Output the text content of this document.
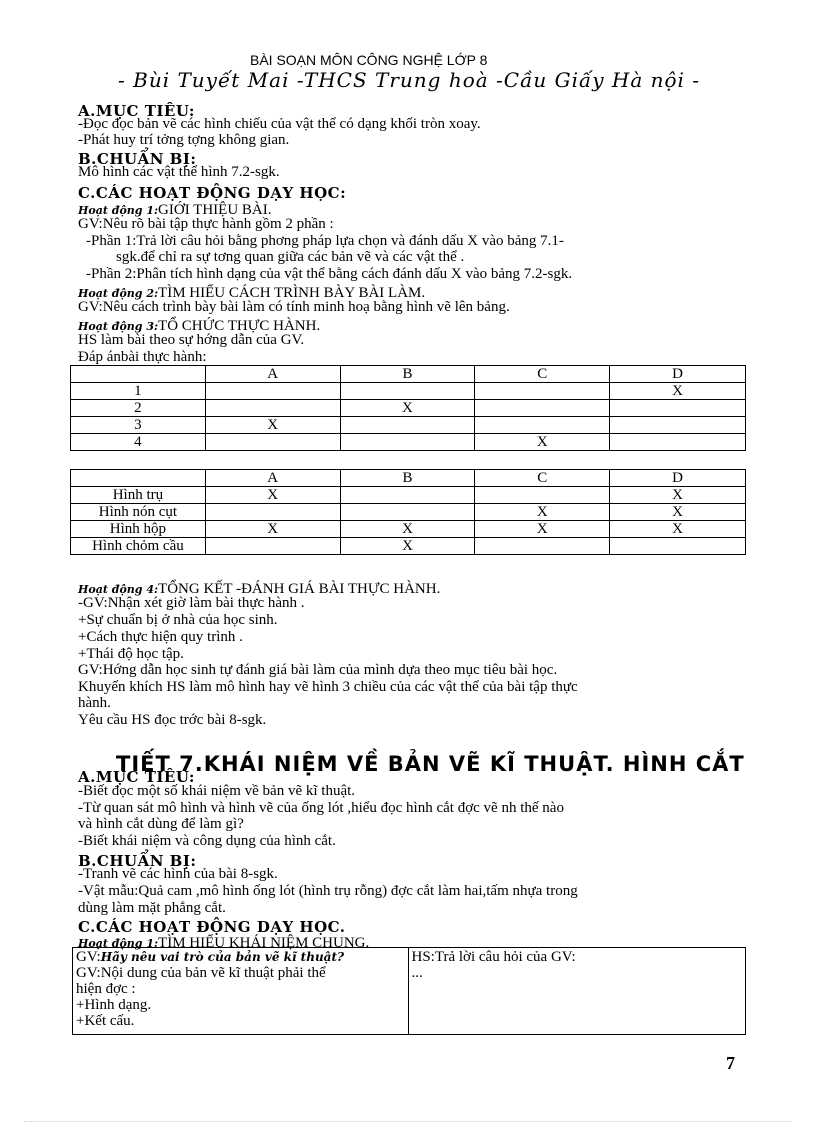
BÀI SOẠN MÔN CÔNG NGHỆ LỚP 8
- Bùi Tuyết Mai -THCS Trung hoà -Cầu Giấy Hà nội -
A.MỤC TIÊU:
-Đọc đọc bản vẽ các hình chiếu của vật thể có dạng khối tròn xoay.
-Phát huy trí tởng tợng không gian.
B.CHUẨN BỊ:
Mô hình các vật thể hình 7.2-sgk.
C.CÁC HOẠT ĐỘNG DẠY HỌC:
Hoạt động 1:GIỚI THIỆU BÀI.
GV:Nêu rõ bài tập thực hành gồm 2 phần :
-Phần 1:Trả lời câu hỏi bằng phơng pháp lựa chọn và đánh dấu X vào bảng 7.1-
sgk.để chỉ ra sự tơng quan giữa các bản vẽ và các vật thể .
-Phần 2:Phân tích hình dạng của vật thể bằng cách đánh dấu X vào bảng 7.2-sgk.
Hoạt động 2:TÌM HIỂU CÁCH TRÌNH BÀY BÀI LÀM.
GV:Nêu cách trình bày bài làm có tính minh hoạ bằng hình vẽ lên bảng.
Hoạt động 3:TỔ CHỨC THỰC HÀNH.
HS làm bài theo sự hớng dẫn của GV.
Đáp ánbài thực hành:
	A	B	C	D
1				X
2		X		
3	X			
4			X	
	A	B	C	D
Hình trụ	X			X
Hình nón cụt			X	X
Hình hộp	X	X	X	X
Hình chỏm cầu		X		
Hoạt động 4:TỔNG KẾT -ĐÁNH GIÁ BÀI THỰC HÀNH.
-GV:Nhận xét giờ làm bài thực hành .
+Sự chuẩn bị ở nhà của học sinh.
+Cách thực hiện quy trình .
+Thái độ học tập.
GV:Hớng dẫn học sinh tự đánh giá bài làm của mình dựa theo mục tiêu bài học.
Khuyến khích HS làm mô hình hay vẽ hình 3 chiều của các vật thể của bài tập thực
hành.
Yêu cầu HS đọc trớc bài 8-sgk.
TIẾT 7.KHÁI NIỆM VỀ BẢN VẼ KĨ THUẬT. HÌNH CẮT
A.MỤC TIÊU:
-Biết đọc một số khái niệm về bản vẽ kĩ thuật.
-Từ quan sát mô hình và hình vẽ của ống lót ,hiểu đọc hình cắt đợc vẽ nh thế nào
và hình cắt dùng để làm gì?
-Biết khái niệm và công dụng của hình cắt.
B.CHUẨN BỊ:
-Tranh vẽ các hình của bài 8-sgk.
-Vật mẫu:Quả cam ,mô hình ống lót (hình trụ rỗng) đợc cắt làm hai,tấm nhựa trong
dùng làm mặt phẳng cắt.
C.CÁC HOẠT ĐỘNG DẠY HỌC.
Hoạt động 1:TÌM HIỂU KHÁI NIỆM CHUNG.
GV:Hãy nêu vai trò của bản vẽ kĩ thuật?
GV:Nội dung của bản vẽ kĩ thuật phải thể
hiện đợc :
+Hình dạng.
+Kết cấu.

HS:Trả lời câu hỏi của GV:
...
7
